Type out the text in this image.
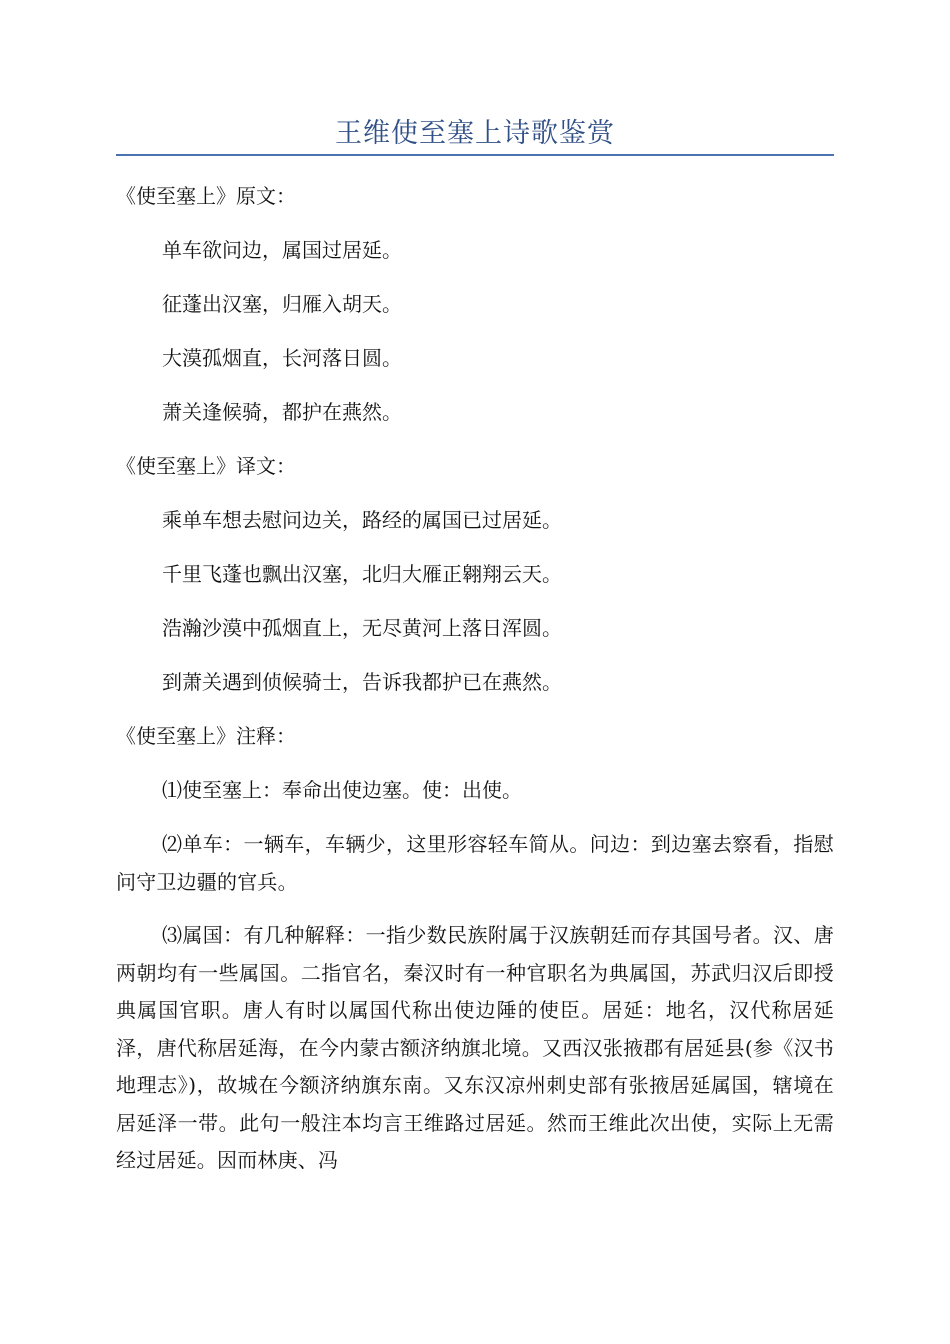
王维使至塞上诗歌鉴赏

《使至塞上》原文：

单车欲问边，属国过居延。

征蓬出汉塞，归雁入胡天。

大漠孤烟直，长河落日圆。

萧关逢候骑，都护在燕然。

《使至塞上》译文：

乘单车想去慰问边关，路经的属国已过居延。

千里飞蓬也飘出汉塞，北归大雁正翱翔云天。

浩瀚沙漠中孤烟直上，无尽黄河上落日浑圆。

到萧关遇到侦候骑士，告诉我都护已在燕然。

《使至塞上》注释：

⑴使至塞上：奉命出使边塞。使：出使。

⑵单车：一辆车，车辆少，这里形容轻车简从。问边：到边塞去察看，指慰问守卫边疆的官兵。

⑶属国：有几种解释：一指少数民族附属于汉族朝廷而存其国号者。汉、唐两朝均有一些属国。二指官名，秦汉时有一种官职名为典属国，苏武归汉后即授典属国官职。唐人有时以属国代称出使边陲的使臣。居延：地名，汉代称居延泽，唐代称居延海，在今内蒙古额济纳旗北境。又西汉张掖郡有居延县(参《汉书地理志》)，故城在今额济纳旗东南。又东汉凉州刺史部有张掖居延属国，辖境在居延泽一带。此句一般注本均言王维路过居延。然而王维此次出使，实际上无需经过居延。因而林庚、冯
